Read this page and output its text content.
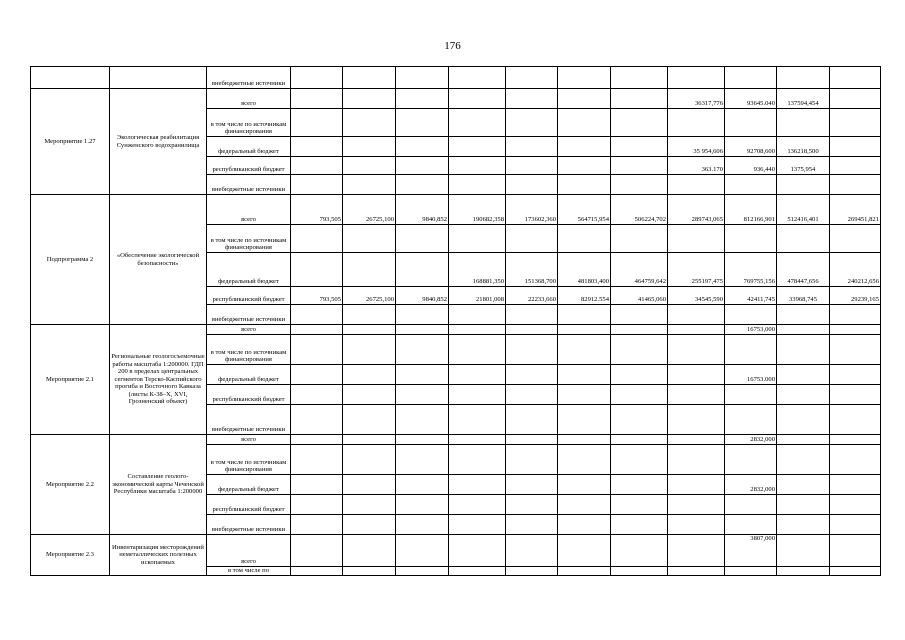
176
		внебюджетные источники											
Мероприятие 1.27	Экологическая реабилитация Сунженского водохранилища	всего								36317,776	93645.040	137594,454	
		в том числе по источникам финансирования											
		федеральный бюджет								35 954,606	92708,600	136218,500	
		республиканский бюджет								363.170	936,440	1375,954	
		внебюджетные источники											
Подпрограмма 2	«Обеспечение экологической безопасности»	всего	793,505	26725,100	9840,852	190682,358	173602,360	564715,954	506224,702	289743,065	812166,901	512416,401	269451,821
		в том числе по источникам финансирования											
		федеральный бюджет				168881,350	151368,700	481803,400	464759,642	255197,475	769755,156	478447,656	240212,656
		республиканский бюджет	793,505	26725,100	9840,852	21801,008	22233,660	82912.554	41465,060	34545,590	42411,745	33968,745	29239,165
		внебюджетные источники											
Мероприятие 2.1	Региональные геологосъемочные работы масштаба 1:200000. ГДП 200 в пределах центральных сегментов Терско-Каспийского прогиба и Восточного Кавказа (листы К-38–Х, XVI, Грозненский объект)	всего									16753,000		
		в том числе по источникам финансирования											
		федеральный бюджет									16753.000		
		республиканский бюджет											
		внебюджетные источники											
Мероприятие 2.2	Составление геолого-экономической карты Чеченской Республики масштаба 1:200000	всего									2832,000		
		в том числе по источникам финансирования											
		федеральный бюджет									2832,000		
		республиканский бюджет											
		внебюджетные источники											
Мероприятие 2.3	Инвентаризация месторождений неметаллических полезных ископаемых	всего									3807,000		
		в том числе по											
